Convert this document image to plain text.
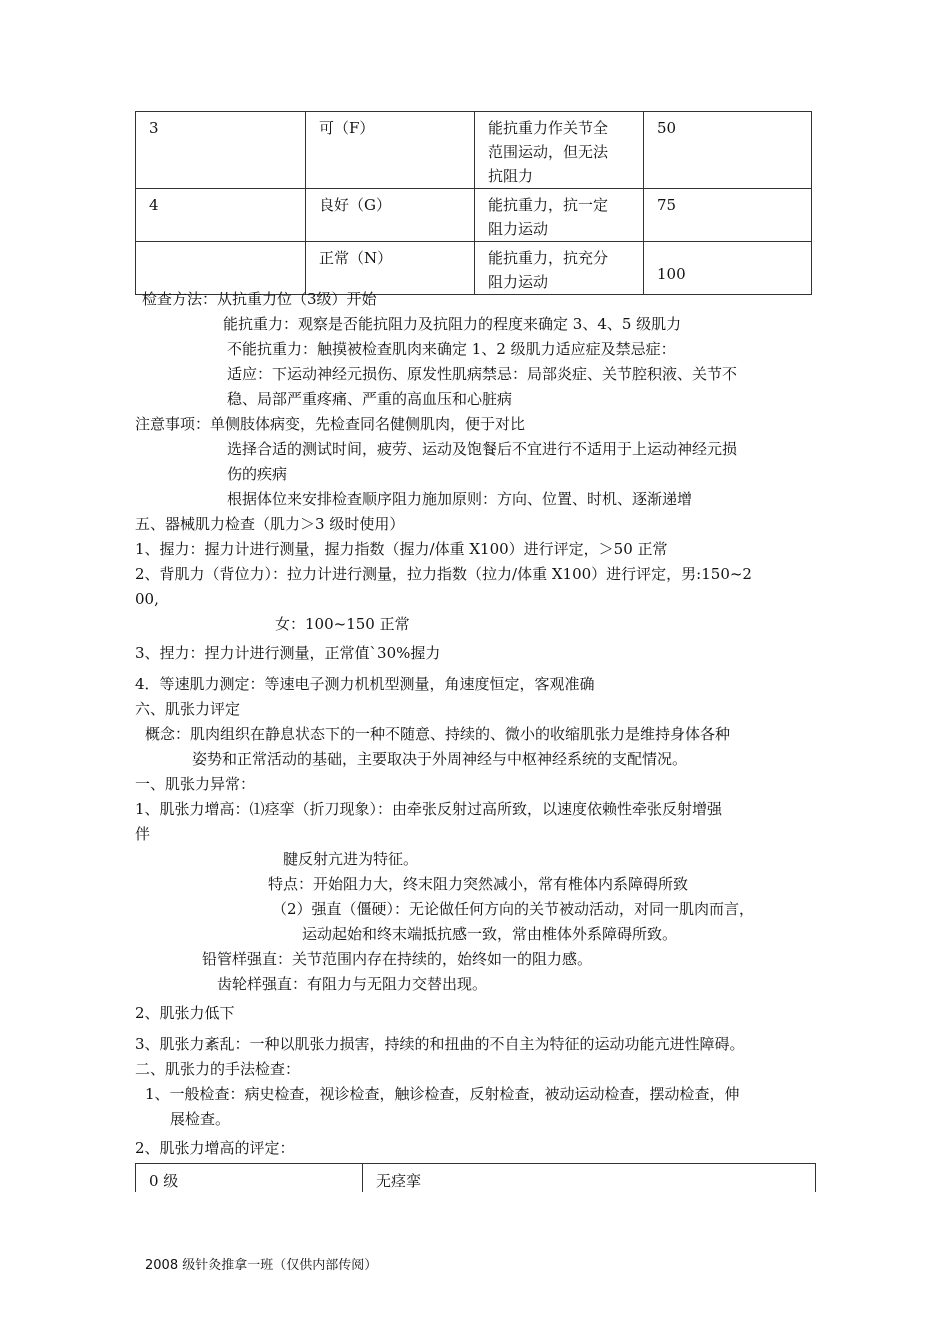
3	可（F）	能抗重力作关节全
范围运动，但无法
抗阻力	50
4	良好（G）	能抗重力，抗一定
阻力运动	75
	正常（N）	能抗重力，抗充分
阻力运动	100
检查方法：从抗重力位（3级）开始
能抗重力：观察是否能抗阻力及抗阻力的程度来确定 3、4、5 级肌力
不能抗重力：触摸被检查肌肉来确定 1、2 级肌力适应症及禁忌症：
适应：下运动神经元损伤、原发性肌病禁忌：局部炎症、关节腔积液、关节不
稳、局部严重疼痛、严重的高血压和心脏病
注意事项：单侧肢体病变，先检查同名健侧肌肉，便于对比
选择合适的测试时间，疲劳、运动及饱餐后不宜进行不适用于上运动神经元损
伤的疾病
根据体位来安排检查顺序阻力施加原则：方向、位置、时机、逐渐递增
五、器械肌力检查（肌力＞3 级时使用）
1、握力：握力计进行测量，握力指数（握力/体重 X100）进行评定，＞50 正常
2、背肌力（背位力）：拉力计进行测量，拉力指数（拉力/体重 X100）进行评定，男:150~2
00,
女：100~150 正常
3、捏力：捏力计进行测量，正常值`30%握力
4．等速肌力测定：等速电子测力机机型测量，角速度恒定，客观准确
六、肌张力评定
概念：肌肉组织在静息状态下的一种不随意、持续的、微小的收缩肌张力是维持身体各种
姿势和正常活动的基础，主要取决于外周神经与中枢神经系统的支配情况。
一、肌张力异常：
1、肌张力增高：⑴痉挛（折刀现象）：由牵张反射过高所致，以速度依赖性牵张反射增强
伴
腱反射亢进为特征。
特点：开始阻力大，终末阻力突然减小，常有椎体内系障碍所致
（2）强直（僵硬）：无论做任何方向的关节被动活动，对同一肌肉而言，
运动起始和终末端抵抗感一致，常由椎体外系障碍所致。
铅管样强直：关节范围内存在持续的，始终如一的阻力感。
齿轮样强直：有阻力与无阻力交替出现。
2、肌张力低下
3、肌张力紊乱：一种以肌张力损害，持续的和扭曲的不自主为特征的运动功能亢进性障碍。
二、肌张力的手法检查：
1、一般检查：病史检查，视诊检查，触诊检查，反射检查，被动运动检查，摆动检查，伸
展检查。
2、肌张力增高的评定：
0 级	无痉挛
2008 级针灸推拿一班（仅供内部传阅）
